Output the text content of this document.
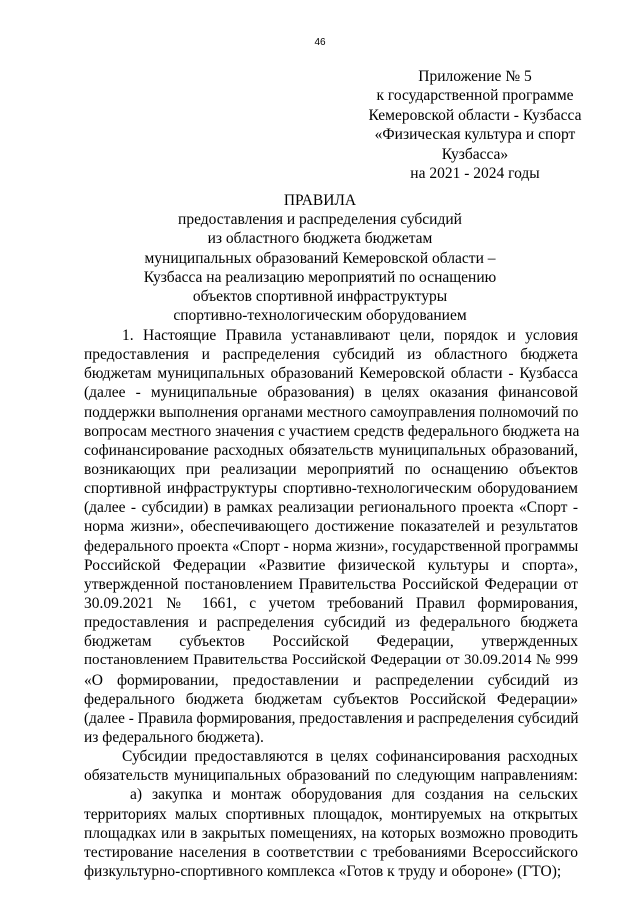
46
Приложение № 5
к государственной программе
Кемеровской области - Кузбасса
«Физическая культура и спорт
Кузбасса»
на 2021 - 2024 годы
ПРАВИЛА
предоставления и распределения субсидий
из областного бюджета бюджетам
муниципальных образований Кемеровской области –
Кузбасса на реализацию мероприятий по оснащению
объектов спортивной инфраструктуры
спортивно-технологическим оборудованием
1. Настоящие Правила устанавливают цели, порядок и условия
предоставления и распределения субсидий из областного бюджета
бюджетам муниципальных образований Кемеровской области - Кузбасса
(далее - муниципальные образования) в целях оказания финансовой
поддержки выполнения органами местного самоуправления полномочий по
вопросам местного значения с участием средств федерального бюджета на
софинансирование расходных обязательств муниципальных образований,
возникающих при реализации мероприятий по оснащению объектов
спортивной инфраструктуры спортивно-технологическим оборудованием
(далее - субсидии) в рамках реализации регионального проекта «Спорт -
норма жизни», обеспечивающего достижение показателей и результатов
федерального проекта «Спорт - норма жизни», государственной программы
Российской Федерации «Развитие физической культуры и спорта»,
утвержденной постановлением Правительства Российской Федерации от
30.09.2021 № 1661, с учетом требований Правил формирования,
предоставления и распределения субсидий из федерального бюджета
бюджетам субъектов Российской Федерации, утвержденных
постановлением Правительства Российской Федерации от 30.09.2014 № 999
«О формировании, предоставлении и распределении субсидий из
федерального бюджета бюджетам субъектов Российской Федерации»
(далее - Правила формирования, предоставления и распределения субсидий
из федерального бюджета).
Субсидии предоставляются в целях софинансирования расходных
обязательств муниципальных образований по следующим направлениям:
а) закупка и монтаж оборудования для создания на сельских
территориях малых спортивных площадок, монтируемых на открытых
площадках или в закрытых помещениях, на которых возможно проводить
тестирование населения в соответствии с требованиями Всероссийского
физкультурно-спортивного комплекса «Готов к труду и обороне» (ГТО);
